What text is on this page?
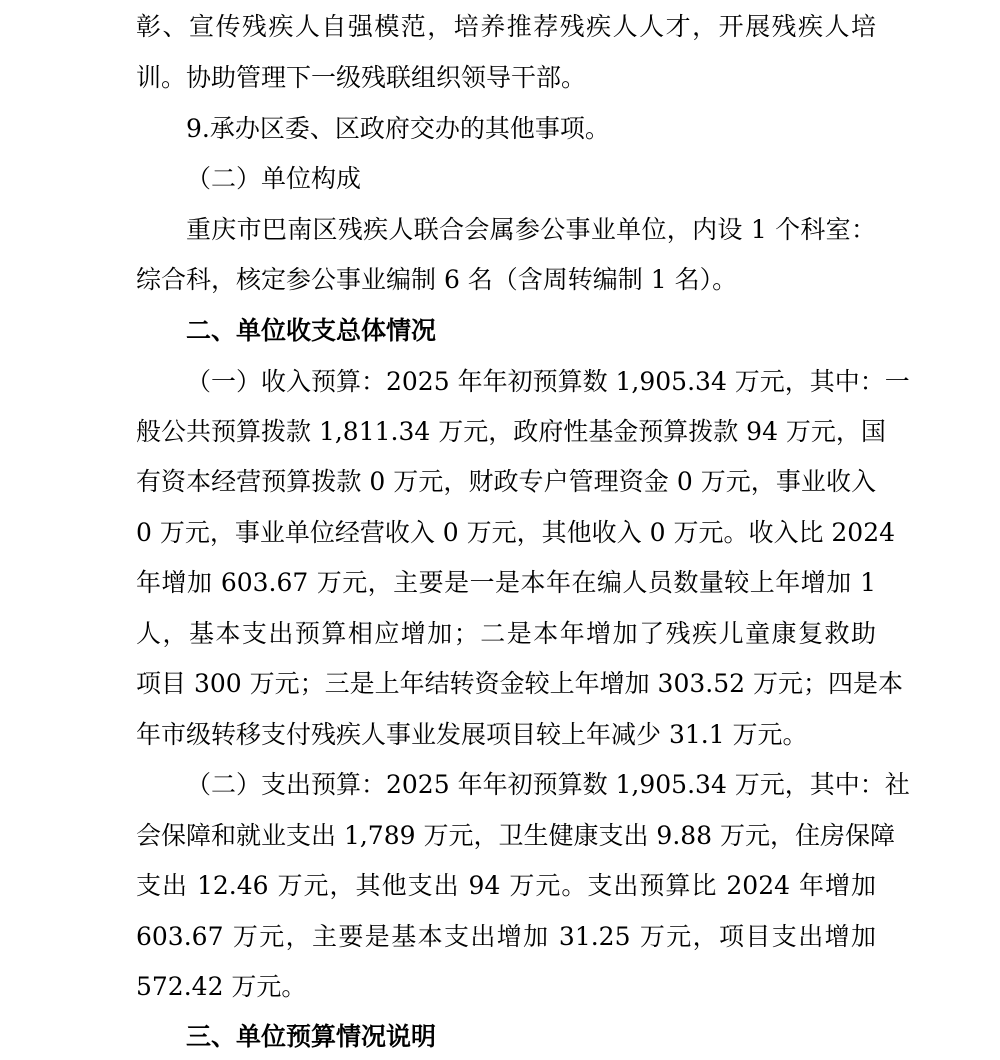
彰、宣传残疾人自强模范，培养推荐残疾人人才，开展残疾人培

训。协助管理下一级残联组织领导干部。

9.承办区委、区政府交办的其他事项。

（二）单位构成

重庆市巴南区残疾人联合会属参公事业单位，内设 1 个科室：

综合科，核定参公事业编制 6 名（含周转编制 1 名）。

二、单位收支总体情况

（一）收入预算：2025 年年初预算数 1,905.34 万元，其中：一

般公共预算拨款 1,811.34 万元，政府性基金预算拨款 94 万元，国

有资本经营预算拨款 0 万元，财政专户管理资金 0 万元，事业收入

0 万元，事业单位经营收入 0 万元，其他收入 0 万元。收入比 2024

年增加 603.67 万元，主要是一是本年在编人员数量较上年增加 1

人，基本支出预算相应增加；二是本年增加了残疾儿童康复救助

项目 300 万元；三是上年结转资金较上年增加 303.52 万元；四是本

年市级转移支付残疾人事业发展项目较上年减少 31.1 万元。

（二）支出预算：2025 年年初预算数 1,905.34 万元，其中：社

会保障和就业支出 1,789 万元，卫生健康支出 9.88 万元，住房保障

支出 12.46 万元，其他支出 94 万元。支出预算比 2024 年增加

603.67 万元，主要是基本支出增加 31.25 万元，项目支出增加

572.42 万元。

三、单位预算情况说明
